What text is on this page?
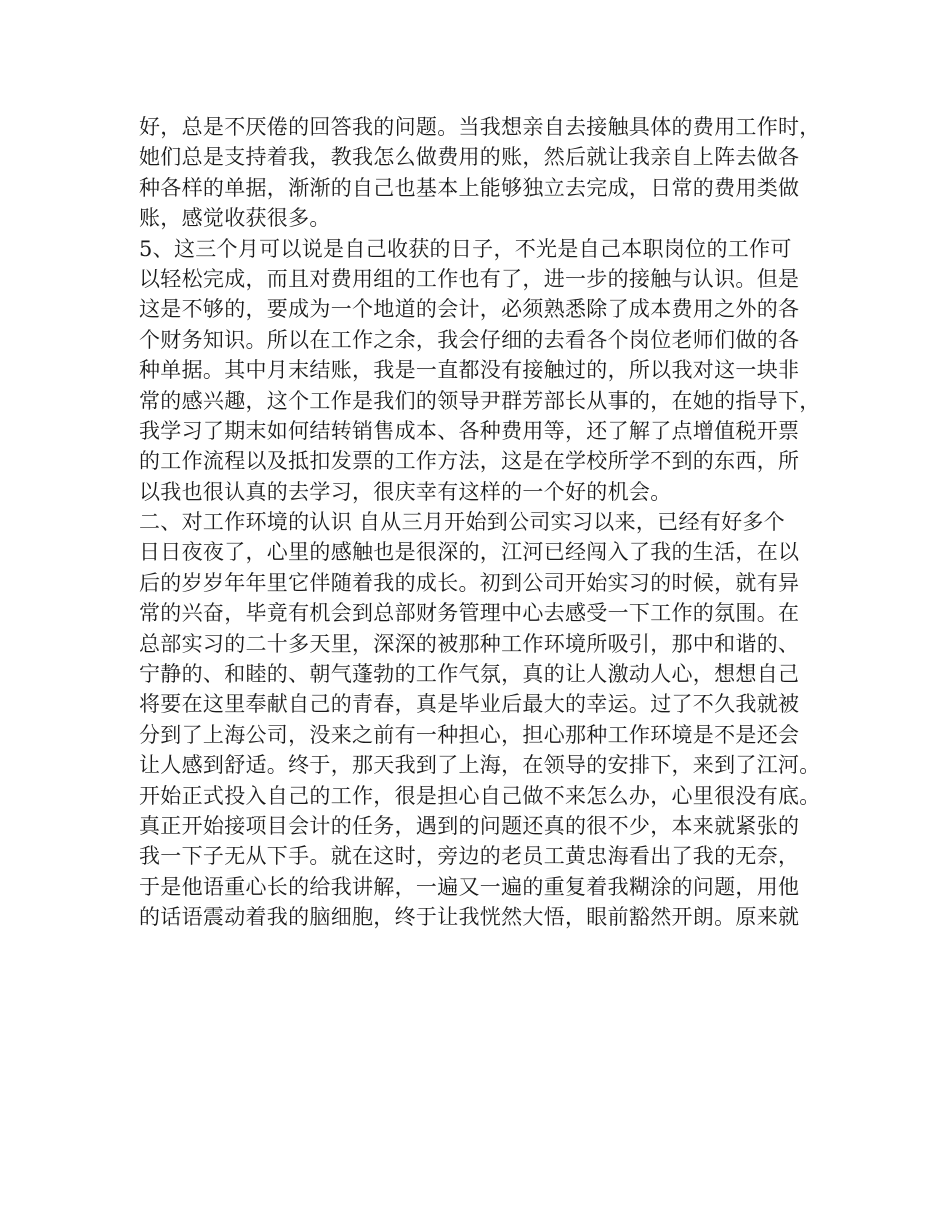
好，总是不厌倦的回答我的问题。当我想亲自去接触具体的费用工作时，
她们总是支持着我，教我怎么做费用的账，然后就让我亲自上阵去做各
种各样的单据，渐渐的自己也基本上能够独立去完成，日常的费用类做
账，感觉收获很多。
5、这三个月可以说是自己收获的日子，不光是自己本职岗位的工作可
以轻松完成，而且对费用组的工作也有了，进一步的接触与认识。但是
这是不够的，要成为一个地道的会计，必须熟悉除了成本费用之外的各
个财务知识。所以在工作之余，我会仔细的去看各个岗位老师们做的各
种单据。其中月末结账，我是一直都没有接触过的，所以我对这一块非
常的感兴趣，这个工作是我们的领导尹群芳部长从事的，在她的指导下，
我学习了期末如何结转销售成本、各种费用等，还了解了点增值税开票
的工作流程以及抵扣发票的工作方法，这是在学校所学不到的东西，所
以我也很认真的去学习，很庆幸有这样的一个好的机会。
二、对工作环境的认识 自从三月开始到公司实习以来，已经有好多个
日日夜夜了，心里的感触也是很深的，江河已经闯入了我的生活，在以
后的岁岁年年里它伴随着我的成长。初到公司开始实习的时候，就有异
常的兴奋，毕竟有机会到总部财务管理中心去感受一下工作的氛围。在
总部实习的二十多天里，深深的被那种工作环境所吸引，那中和谐的、
宁静的、和睦的、朝气蓬勃的工作气氛，真的让人激动人心，想想自己
将要在这里奉献自己的青春，真是毕业后最大的幸运。过了不久我就被
分到了上海公司，没来之前有一种担心，担心那种工作环境是不是还会
让人感到舒适。终于，那天我到了上海，在领导的安排下，来到了江河。
开始正式投入自己的工作，很是担心自己做不来怎么办，心里很没有底。
真正开始接项目会计的任务，遇到的问题还真的很不少，本来就紧张的
我一下子无从下手。就在这时，旁边的老员工黄忠海看出了我的无奈，
于是他语重心长的给我讲解，一遍又一遍的重复着我糊涂的问题，用他
的话语震动着我的脑细胞，终于让我恍然大悟，眼前豁然开朗。原来就
